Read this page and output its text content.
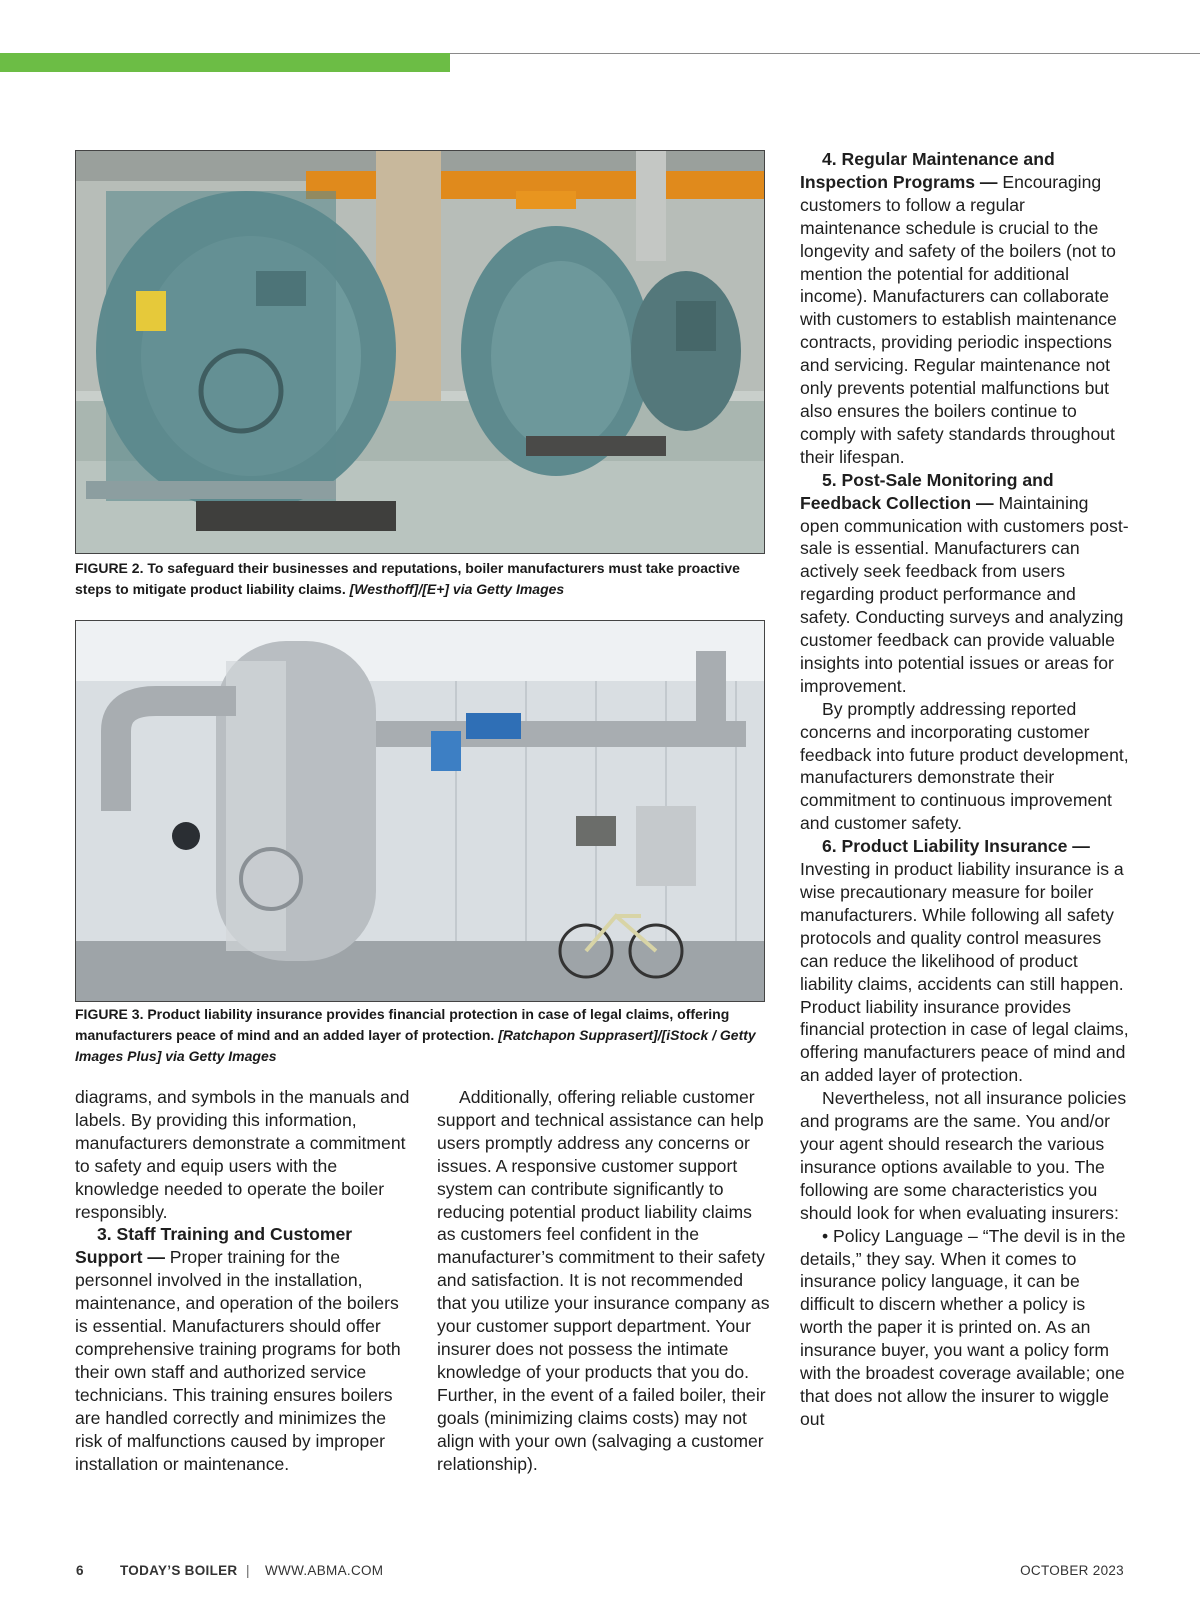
FIGURE 2. To safeguard their businesses and reputations, boiler manufacturers must take proactive steps to mitigate product liability claims. [Westhoff]/[E+] via Getty Images
FIGURE 3. Product liability insurance provides financial protection in case of legal claims, offering manufacturers peace of mind and an added layer of protection. [Ratchapon Supprasert]/[iStock / Getty Images Plus] via Getty Images

diagrams, and symbols in the manuals and labels. By providing this information, manufacturers demonstrate a commitment to safety and equip users with the knowledge needed to operate the boiler responsibly.

3. Staff Training and Customer Support — Proper training for the personnel involved in the installation, maintenance, and operation of the boilers is essential. Manufacturers should offer comprehensive training programs for both their own staff and authorized service technicians. This training ensures boilers are handled correctly and minimizes the risk of malfunctions caused by improper installation or maintenance.

Additionally, offering reliable customer support and technical assistance can help users promptly address any concerns or issues. A responsive customer support system can contribute significantly to reducing potential product liability claims as customers feel confident in the manufacturer’s commitment to their safety and satisfaction. It is not recommended that you utilize your insurance company as your customer support department. Your insurer does not possess the intimate knowledge of your products that you do. Further, in the event of a failed boiler, their goals (minimizing claims costs) may not align with your own (salvaging a customer relationship).

4. Regular Maintenance and Inspection Programs — Encouraging customers to follow a regular maintenance schedule is crucial to the longevity and safety of the boilers (not to mention the potential for additional income). Manufacturers can collaborate with customers to establish maintenance contracts, providing periodic inspections and servicing. Regular maintenance not only prevents potential malfunctions but also ensures the boilers continue to comply with safety standards throughout their lifespan.

5. Post-Sale Monitoring and Feedback Collection — Maintaining open communication with customers post-sale is essential. Manufacturers can actively seek feedback from users regarding product performance and safety. Conducting surveys and analyzing customer feedback can provide valuable insights into potential issues or areas for improvement.

By promptly addressing reported concerns and incorporating customer feedback into future product development, manufacturers demonstrate their commitment to continuous improvement and customer safety.

6. Product Liability Insurance — Investing in product liability insurance is a wise precautionary measure for boiler manufacturers. While following all safety protocols and quality control measures can reduce the likelihood of product liability claims, accidents can still happen. Product liability insurance provides financial protection in case of legal claims, offering manufacturers peace of mind and an added layer of protection.

Nevertheless, not all insurance policies and programs are the same. You and/or your agent should research the various insurance options available to you. The following are some characteristics you should look for when evaluating insurers:

• Policy Language – “The devil is in the details,” they say. When it comes to insurance policy language, it can be difficult to discern whether a policy is worth the paper it is printed on. As an insurance buyer, you want a policy form with the broadest coverage available; one that does not allow the insurer to wiggle out

6	TODAY’S BOILER | WWW.ABMA.COM	OCTOBER 2023
